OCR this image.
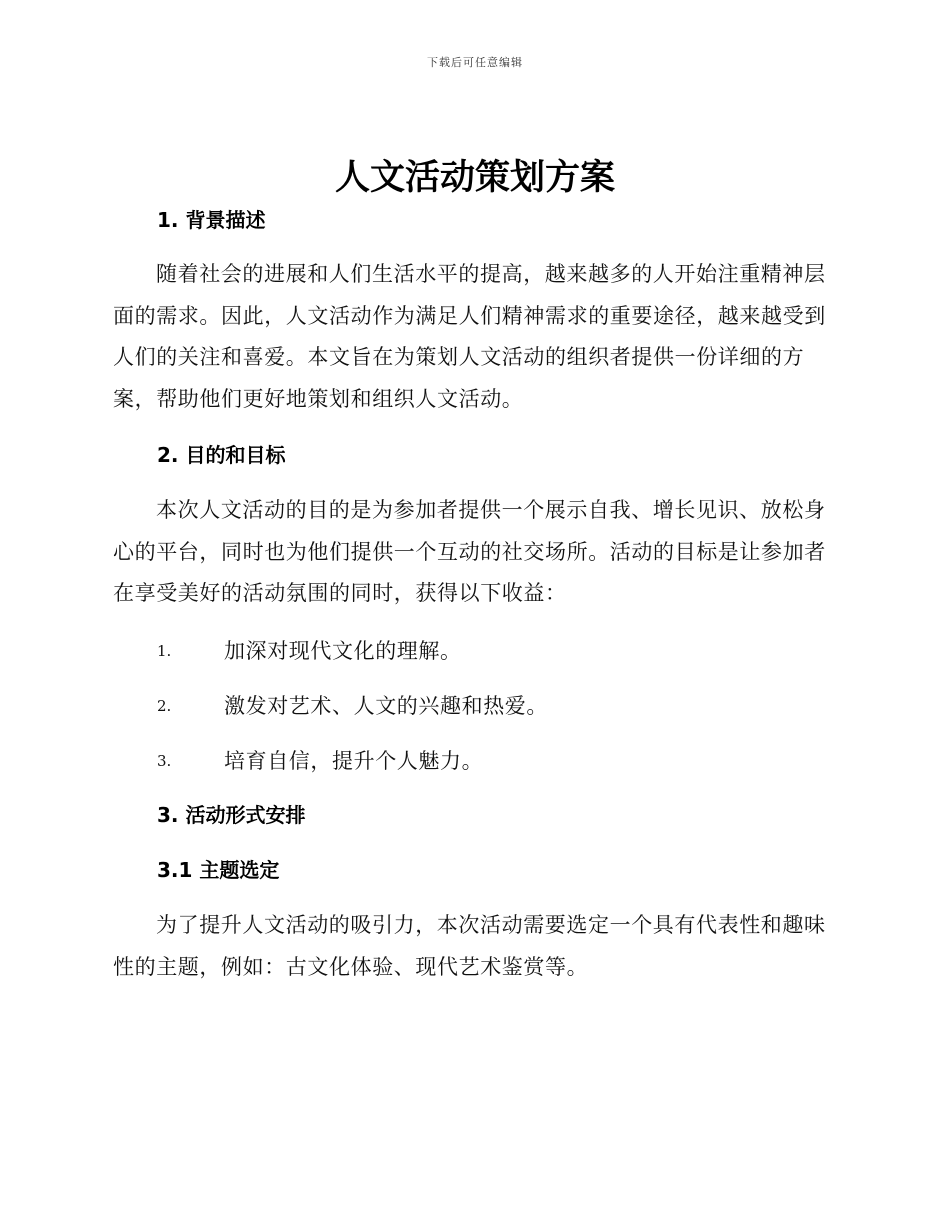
下载后可任意编辑
人文活动策划方案
1. 背景描述

随着社会的进展和人们生活水平的提高，越来越多的人开始注重精神层面的需求。因此，人文活动作为满足人们精神需求的重要途径，越来越受到人们的关注和喜爱。本文旨在为策划人文活动的组织者提供一份详细的方案，帮助他们更好地策划和组织人文活动。

2. 目的和目标

本次人文活动的目的是为参加者提供一个展示自我、增长见识、放松身心的平台，同时也为他们提供一个互动的社交场所。活动的目标是让参加者在享受美好的活动氛围的同时，获得以下收益：

1.	加深对现代文化的理解。
2.	激发对艺术、人文的兴趣和热爱。
3.	培育自信，提升个人魅力。
3. 活动形式安排
3.1 主题选定

为了提升人文活动的吸引力，本次活动需要选定一个具有代表性和趣味性的主题，例如：古文化体验、现代艺术鉴赏等。
